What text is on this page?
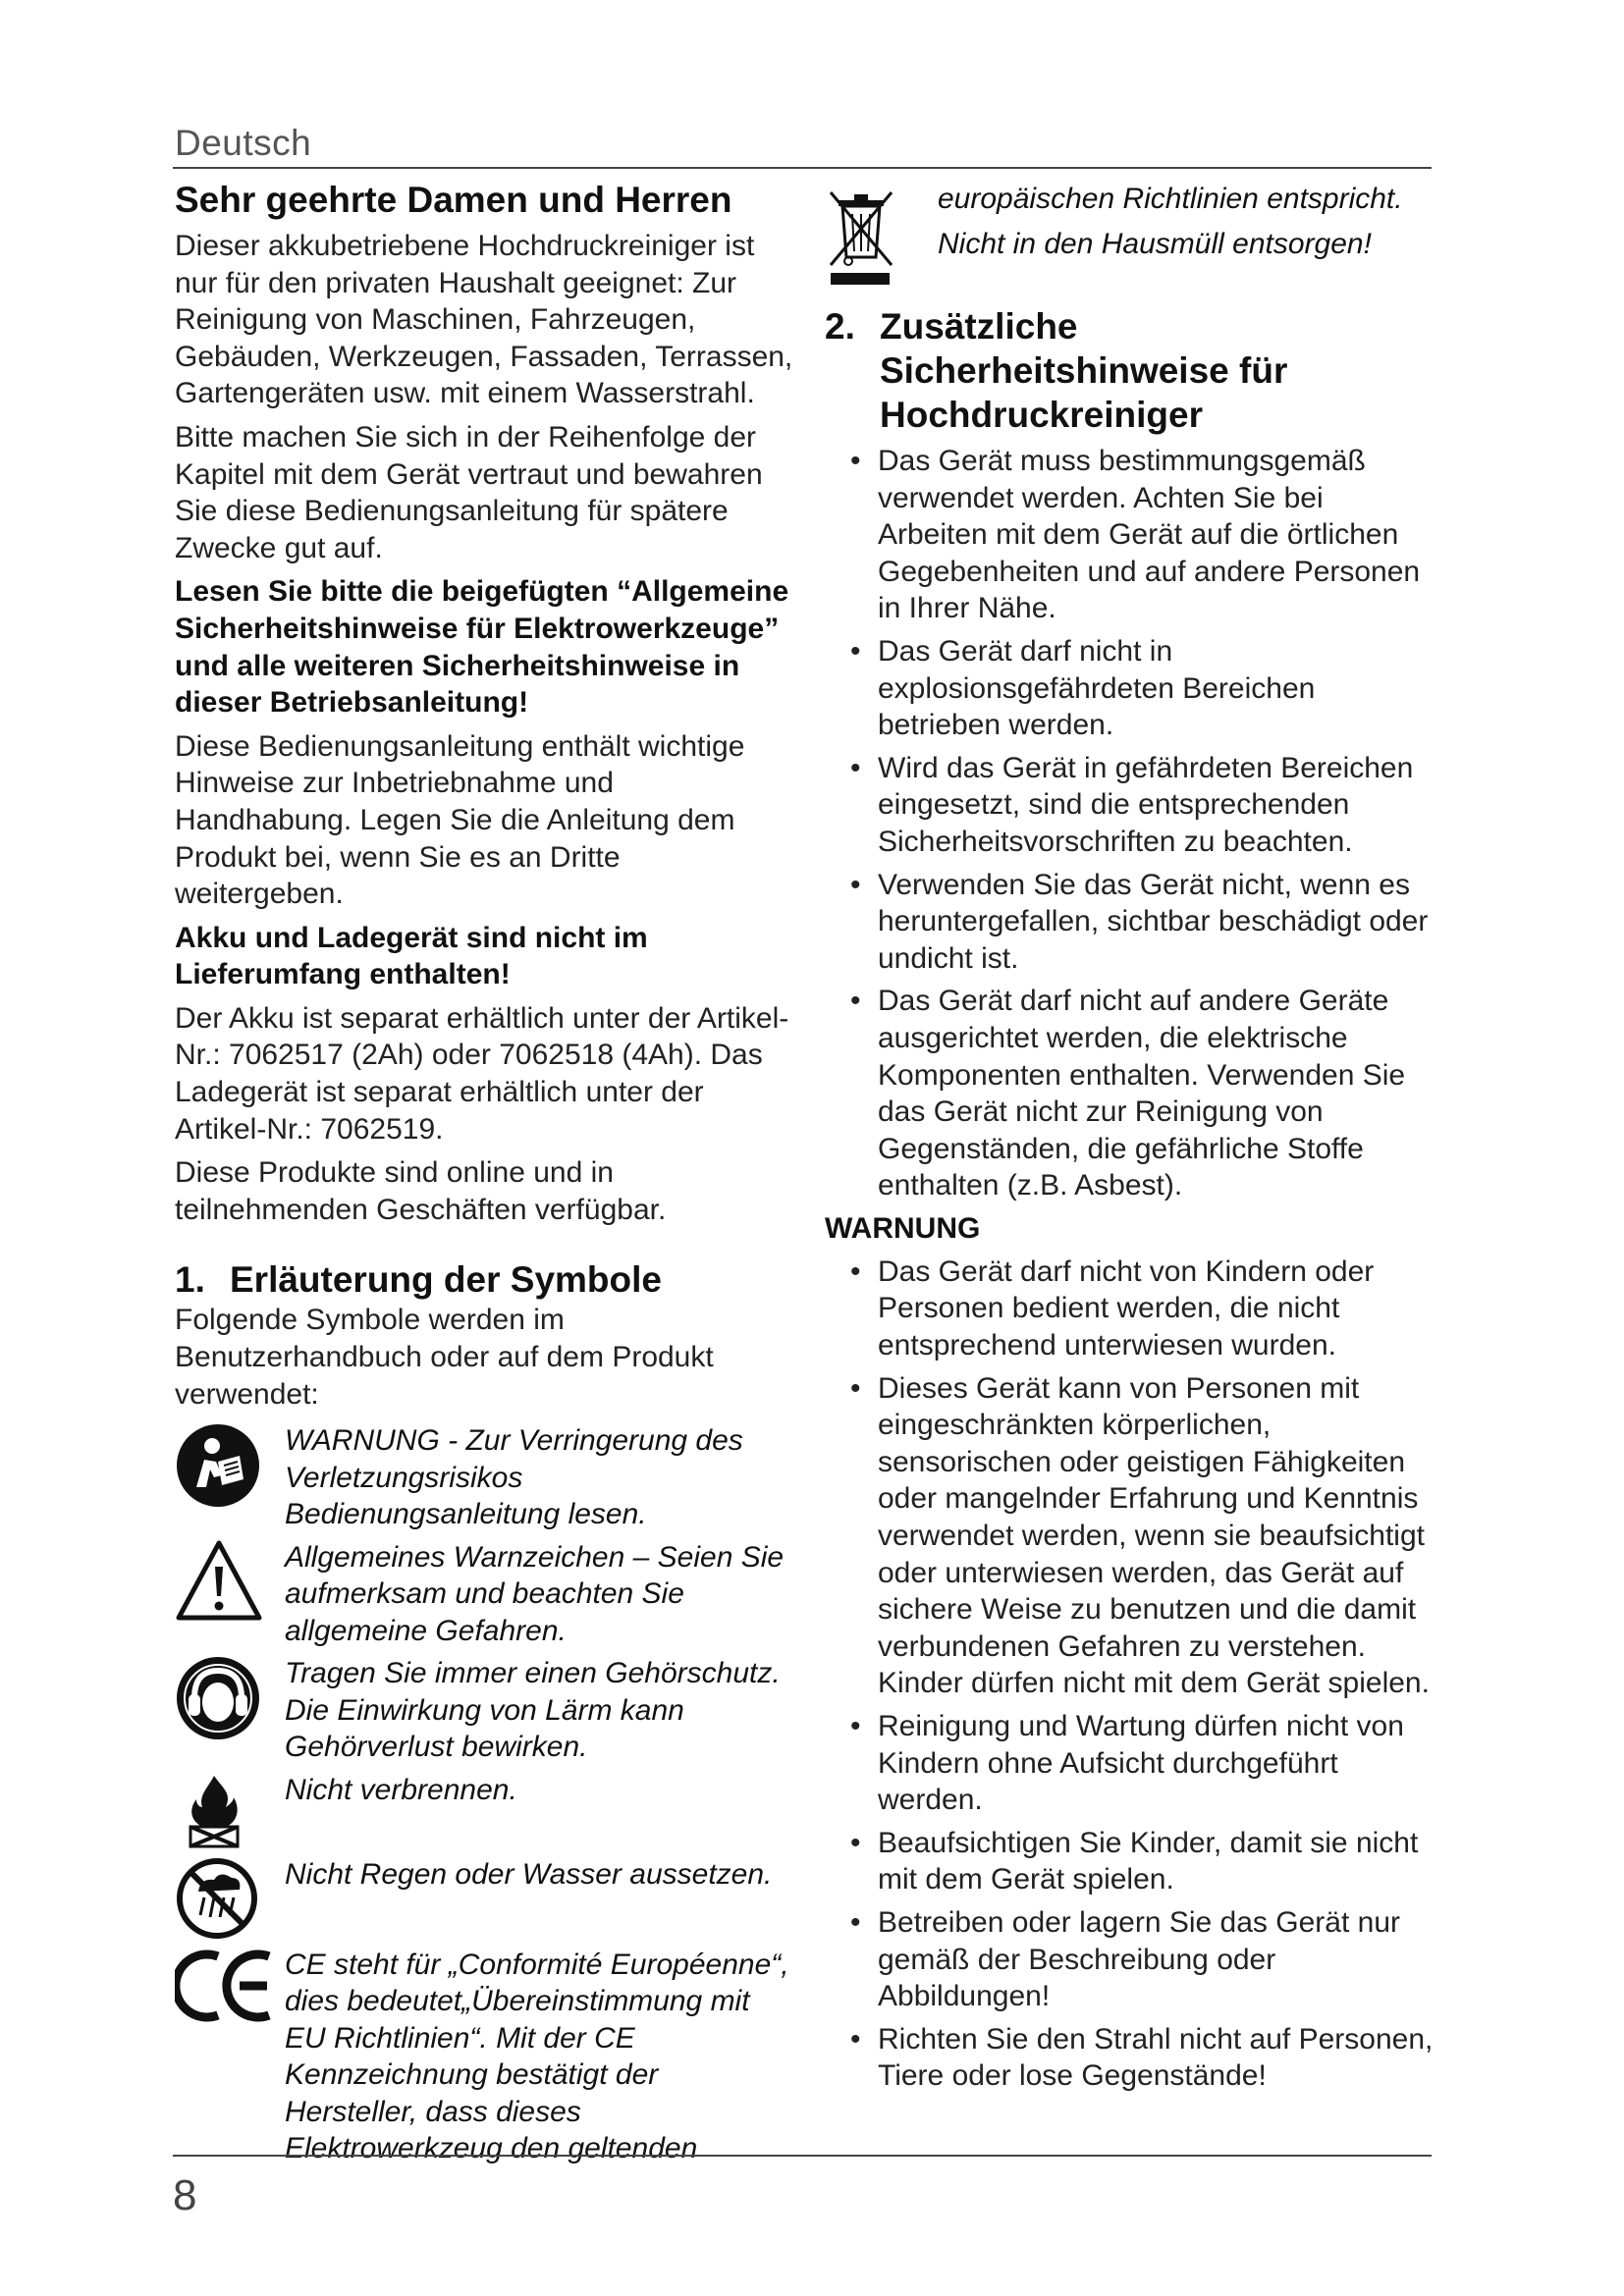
Deutsch
Sehr geehrte Damen und Herren

Dieser akkubetriebene Hochdruckreiniger ist nur für den privaten Haushalt geeignet: Zur Reinigung von Maschinen, Fahrzeugen, Gebäuden, Werkzeugen, Fassaden, Terrassen, Gartengeräten usw. mit einem Wasserstrahl.

Bitte machen Sie sich in der Reihenfolge der Kapitel mit dem Gerät vertraut und bewahren Sie diese Bedienungsanleitung für spätere Zwecke gut auf.

Lesen Sie bitte die beigefügten “Allgemeine Sicherheitshinweise für Elektrowerkzeuge” und alle weiteren Sicherheitshinweise in dieser Betriebsanleitung!

Diese Bedienungsanleitung enthält wichtige Hinweise zur Inbetriebnahme und Handhabung. Legen Sie die Anleitung dem Produkt bei, wenn Sie es an Dritte weitergeben.

Akku und Ladegerät sind nicht im Lieferumfang enthalten!

Der Akku ist separat erhältlich unter der Artikel-Nr.: 7062517 (2Ah) oder 7062518 (4Ah). Das Ladegerät ist separat erhältlich unter der Artikel-Nr.: 7062519.

Diese Produkte sind online und in teilnehmenden Geschäften verfügbar.

1. Erläuterung der Symbole

Folgende Symbole werden im Benutzerhandbuch oder auf dem Produkt verwendet:

WARNUNG - Zur Verringerung des Verletzungsrisikos Bedienungsanleitung lesen.
Allgemeines Warnzeichen – Seien Sie aufmerksam und beachten Sie allgemeine Gefahren.
Tragen Sie immer einen Gehörschutz. Die Einwirkung von Lärm kann Gehörverlust bewirken.
Nicht verbrennen.
Nicht Regen oder Wasser aussetzen.
CE steht für „Conformité Européenne“, dies bedeutet„Übereinstimmung mit EU Richtlinien“. Mit der CE Kennzeichnung bestätigt der Hersteller, dass dieses Elektrowerkzeug den geltenden
europäischen Richtlinien entspricht.
Nicht in den Hausmüll entsorgen!
2. Zusätzliche Sicherheitshinweise für Hochdruckreiniger
• Das Gerät muss bestimmungsgemäß verwendet werden. Achten Sie bei Arbeiten mit dem Gerät auf die örtlichen Gegebenheiten und auf andere Personen in Ihrer Nähe.
• Das Gerät darf nicht in explosionsgefährdeten Bereichen betrieben werden.
• Wird das Gerät in gefährdeten Bereichen eingesetzt, sind die entsprechenden Sicherheitsvorschriften zu beachten.
• Verwenden Sie das Gerät nicht, wenn es heruntergefallen, sichtbar beschädigt oder undicht ist.
• Das Gerät darf nicht auf andere Geräte ausgerichtet werden, die elektrische Komponenten enthalten. Verwenden Sie das Gerät nicht zur Reinigung von Gegenständen, die gefährliche Stoffe enthalten (z.B. Asbest).
WARNUNG
• Das Gerät darf nicht von Kindern oder Personen bedient werden, die nicht entsprechend unterwiesen wurden.
• Dieses Gerät kann von Personen mit eingeschränkten körperlichen, sensorischen oder geistigen Fähigkeiten oder mangelnder Erfahrung und Kenntnis verwendet werden, wenn sie beaufsichtigt oder unterwiesen werden, das Gerät auf sichere Weise zu benutzen und die damit verbundenen Gefahren zu verstehen. Kinder dürfen nicht mit dem Gerät spielen.
• Reinigung und Wartung dürfen nicht von Kindern ohne Aufsicht durchgeführt werden.
• Beaufsichtigen Sie Kinder, damit sie nicht mit dem Gerät spielen.
• Betreiben oder lagern Sie das Gerät nur gemäß der Beschreibung oder Abbildungen!
• Richten Sie den Strahl nicht auf Personen, Tiere oder lose Gegenstände!
8
